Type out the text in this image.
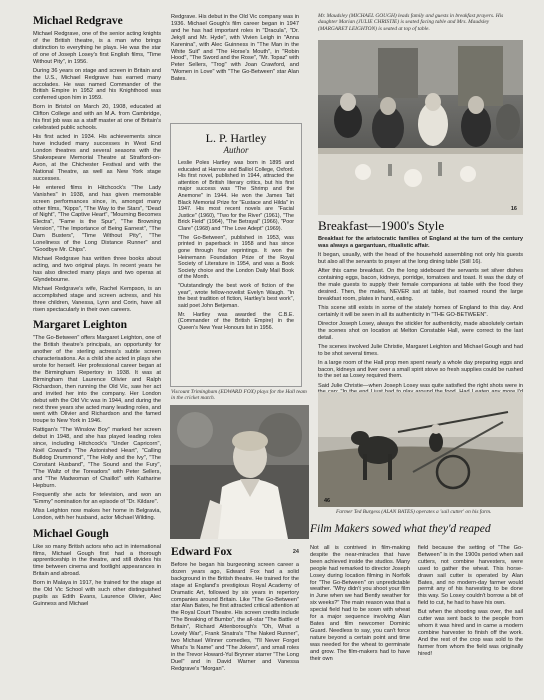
Michael Redgrave

Michael Redgrave, one of the senior acting knights of the British theatre, is a man who brings distinction to everything he plays. He was the star of one of Joseph Losey's first English films, "Time Without Pity", in 1956.

During 36 years on stage and screen in Britain and the U.S., Michael Redgrave has earned many accolades. He was named Commander of the British Empire in 1952 and his Knighthood was conferred upon him in 1959.

Born in Bristol on March 20, 1908, educated at Clifton College and with an M.A. from Cambridge, his first job was as a staff master at one of Britain's celebrated public schools.

His first acted in 1934. His achievements since have included many successes in West End London theatres and several seasons with the Shakespeare Memorial Theatre at Stratford-on-Avon, at the Chichester Festival and with the National Theatre, as well as New York stage successes.

He entered films in Hitchcock's "The Lady Vanishes" in 1938, and has given memorable screen performances since, in, amongst many other films, "Kipps", "The Way to the Stars", "Dead of Night", "The Captive Heart", "Mourning Becomes Electra", "Fame is the Spur", "The Browning Version", "The Importance of Being Earnest", "The Dam Busters", "Time Without Pity", "The Loneliness of the Long Distance Runner" and "Goodbye Mr. Chips".

Michael Redgrave has written three books about acting, and two original plays. In recent years he has also directed many plays and two operas at Glyndebourne.

Michael Redgrave's wife, Rachel Kempson, is an accomplished stage and screen actress, and his three children, Vanessa, Lynn and Corin, have all risen spectacularly in their own careers.

Margaret Leighton

"The Go-Between" offers Margaret Leighton, one of the British theatre's principals, an opportunity for another of the sterling actress's subtle screen characterisations. As a child she acted in plays she wrote for herself. Her professional career began at the Birmingham Repertory in 1938. It was at Birmingham that Laurence Olivier and Ralph Richardson, then running the Old Vic, saw her act and invited her into the company. Her London debut with the Old Vic was in 1944, and during the next three years she acted many leading roles, and went with Olivier and Richardson and the famed troupe to New York in 1946.

Rattigan's "The Winslow Boy" marked her screen debut in 1948, and she has played leading roles since, including Hitchcock's "Under Capricorn", Noël Coward's "The Astonished Heart", "Calling Bulldog Drummond", "The Holly and the Ivy", "The Constant Husband", "The Sound and the Fury", "The Waltz of the Toreadors" with Peter Sellers, and "The Madwoman of Chaillot" with Katharine Hepburn.

Frequently she acts for television, and won an "Emmy" nomination for an episode of "Dr. Kildare".

Miss Leighton now makes her home in Belgravia, London, with her husband, actor Michael Wilding.

Michael Gough

Like so many British actors who act in international films, Michael Gough first had a thorough apprenticeship in the theatre, and still divides his time between cinema and footlight appearances in Britain and abroad.

Born in Malaya in 1917, he trained for the stage at the Old Vic School with such other distinguished pupils as Edith Evans, Laurence Olivier, Alec Guinness and Michael

Redgrave. His debut in the Old Vic company was in 1936. Michael Gough's film career began in 1947 and he has had important roles in "Dracula", "Dr. Jekyll and Mr. Hyde", with Vivien Leigh in "Anna Karenina", with Alec Guinness in "The Man in the White Suit" and "The Horse's Mouth", in "Robin Hood", "The Sword and the Rose", "Mr. Topaz" with Peter Sellers, "Trog" with Joan Crawford, and "Women in Love" with "The Go-Between" star Alan Bates.

L. P. Hartley
Author

Leslie Poles Hartley was born in 1895 and educated at Harrow and Balliol College, Oxford. His first novel, published in 1944, attracted the attention of British literary critics, but his first major success was "The Shrimp and the Anemone" in 1944. He won the James Tait Black Memorial Prize for "Eustace and Hilda" in 1947. His most recent novels are "Facial Justice" (1960), "Two for the River" (1961), "The Brick Field" (1964), "The Betrayal" (1966), "Poor Clare" (1968) and "The Love Adept" (1969).

"The Go-Between", published in 1953, was printed in paperback in 1958 and has since gone through four reprintings. It won the Heinemann Foundation Prize of the Royal Society of Literature in 1954, and was a Book Society choice and the London Daily Mail Book of the Month.

"Outstandingly the best work of fiction of the year", wrote fellow-novelist Evelyn Waugh. "In the best tradition of fiction, Hartley's best work", said poet John Betjeman.

Mr. Hartley was awarded the C.B.E. (Commander of the British Empire) in the Queen's New Year Honours list in 1956.

Mr. Maudsley (MICHAEL GOUGH) leads family and guests in breakfast prayers. His daughter Marian (JULIE CHRISTIE) is seated facing table and Mrs. Maudsley (MARGARET LEIGHTON) is seated at top of table.
16
Breakfast—1900's Style

Breakfast for the aristocratic families of England at the turn of the century was always a gargantuan, ritualistic affair.

It began, usually, with the head of the household assembling not only his guests but also all the servants to prayer at the long dining table (Still 16).

After this came breakfast. On the long sideboard the servants set silver dishes containing eggs, bacon, kidneys, porridge, tomatoes and toast. It was the duty of the male guests to supply their female companions at table with the food they desired. Then, the males, NEVER sat at table, but roamed round the large breakfast room, plates in hand, eating.

This scene still exists in some of the stately homes of England to this day. And certainly it will be seen in all its authenticity in "THE GO-BETWEEN".

Director Joseph Losey, always the stickler for authenticity, made absolutely certain the scenes shot on location at Melton Constable Hall, were correct to the last detail.

The scenes involved Julie Christie, Margaret Leighton and Michael Gough and had to be shot several times.

In a large room of the Hall prop men spent nearly a whole day preparing eggs and bacon, kidneys and liver over a small spirit stove so fresh supplies could be rushed to the set as Losey required them.

Said Julie Christie—when Joseph Losey was quite satisfied the right shots were in

Viscount Trimingham (EDWARD FOX) plays for the Hall team in the cricket match.
Edward Fox	24

Before he began his burgeoning screen career a dozen years ago, Edward Fox had a solid background in the British theatre. He trained for the stage at England's prestigious Royal Academy of Dramatic Art, followed by six years in repertory companies around Britain. Like "The Go-Between" star Alan Bates, he first attracted critical attention at the Royal Court Theatre. His screen credits include "The Breaking of Bumbo", the all-star "The Battle of Britain", Richard Attenborough's "Oh, What a Lovely War", Frank Sinatra's "The Naked Runner", two Michael Winner comedies, "I'll Never Forget What's 'is Name" and "The Jokers", and small roles in the Trevor Howard-Yul Brynner starrer "The Long Duel" and in David Warner and Vanessa Redgrave's "Morgan".

Not all is contrived in film-making despite the near-miracles that have been achieved inside the studios. Many people had remarked to director Joseph Losey during location filming in Norfolk for "The Go-Between" on unpredictable weather. "Why didn't you shoot your film in June when we had Bently weather for six weeks?" The main reason was that a special field had to be sown with wheat for a major sequence involving Alan Bates and film newcomer Dominic Guard. Needless to say, you can't force nature beyond a certain point and time was needed for the wheat to germinate and grow. The film-makers had to have their own

46
Farmer Ted Burgess (ALAN BATES) operates a 'sail cutter' on his farm.
Film Makers sowed what they'd reaped

field because the setting of "The Go-Between" is in the 1900s period when sail cutters, not combine harvesters, were used to gather the wheat. This horse-drawn sail cutter is operated by Alan Bates, and no modern-day farmer would permit any of his harvesting to be done this way. So Losey couldn't borrow a bit of field to cut, he had to have his own.

But when the shooting was over, the sail cutter was sent back to the people from whom it was hired and in came a modern combine harvester to finish off the work. And the rest of the crop was sold to the farmer from whom the field was originally hired!
